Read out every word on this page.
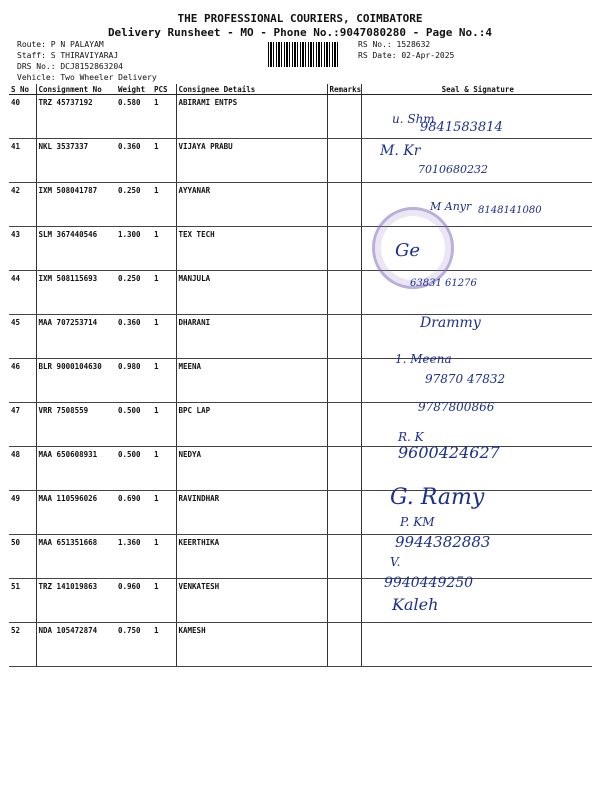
THE PROFESSIONAL COURIERS, COIMBATORE
Delivery Runsheet - MO - Phone No.:9047080280 - Page No.:4
Route: P N PALAYAM
Staff: S THIRAVIYARAJ
DRS No.: DCJ8152863204
Vehicle: Two Wheeler Delivery
RS No.: 1528632
RS Date: 02-Apr-2025
S No	Consignment No	Weight	PCS	Consignee Details	Remarks	Seal & Signature
40	TRZ 45737192	0.580	1	ABIRAMI ENTPS		
41	NKL 3537337	0.360	1	VIJAYA PRABU		
42	IXM 508041787	0.250	1	AYYANAR		
43	SLM 367440546	1.300	1	TEX TECH		
44	IXM 508115693	0.250	1	MANJULA		
45	MAA 707253714	0.360	1	DHARANI		
46	BLR 9000104630	0.980	1	MEENA		
47	VRR 7508559	0.500	1	BPC LAP		
48	MAA 650608931	0.500	1	NEDYA		
49	MAA 110596026	0.690	1	RAVINDHAR		
50	MAA 651351668	1.360	1	KEERTHIKA		
51	TRZ 141019863	0.960	1	VENKATESH		
52	NDA 105472874	0.750	1	KAMESH		
u. Shm
9841583814
M. Kr
7010680232
M Anyr 8148141080
Ge
63831 61276
Drammy
1. Meena
97870 47832
9787800866
R. K
9600424627
G. Ramy
P. KM
9944382883
V.
9940449250
Kaleh
